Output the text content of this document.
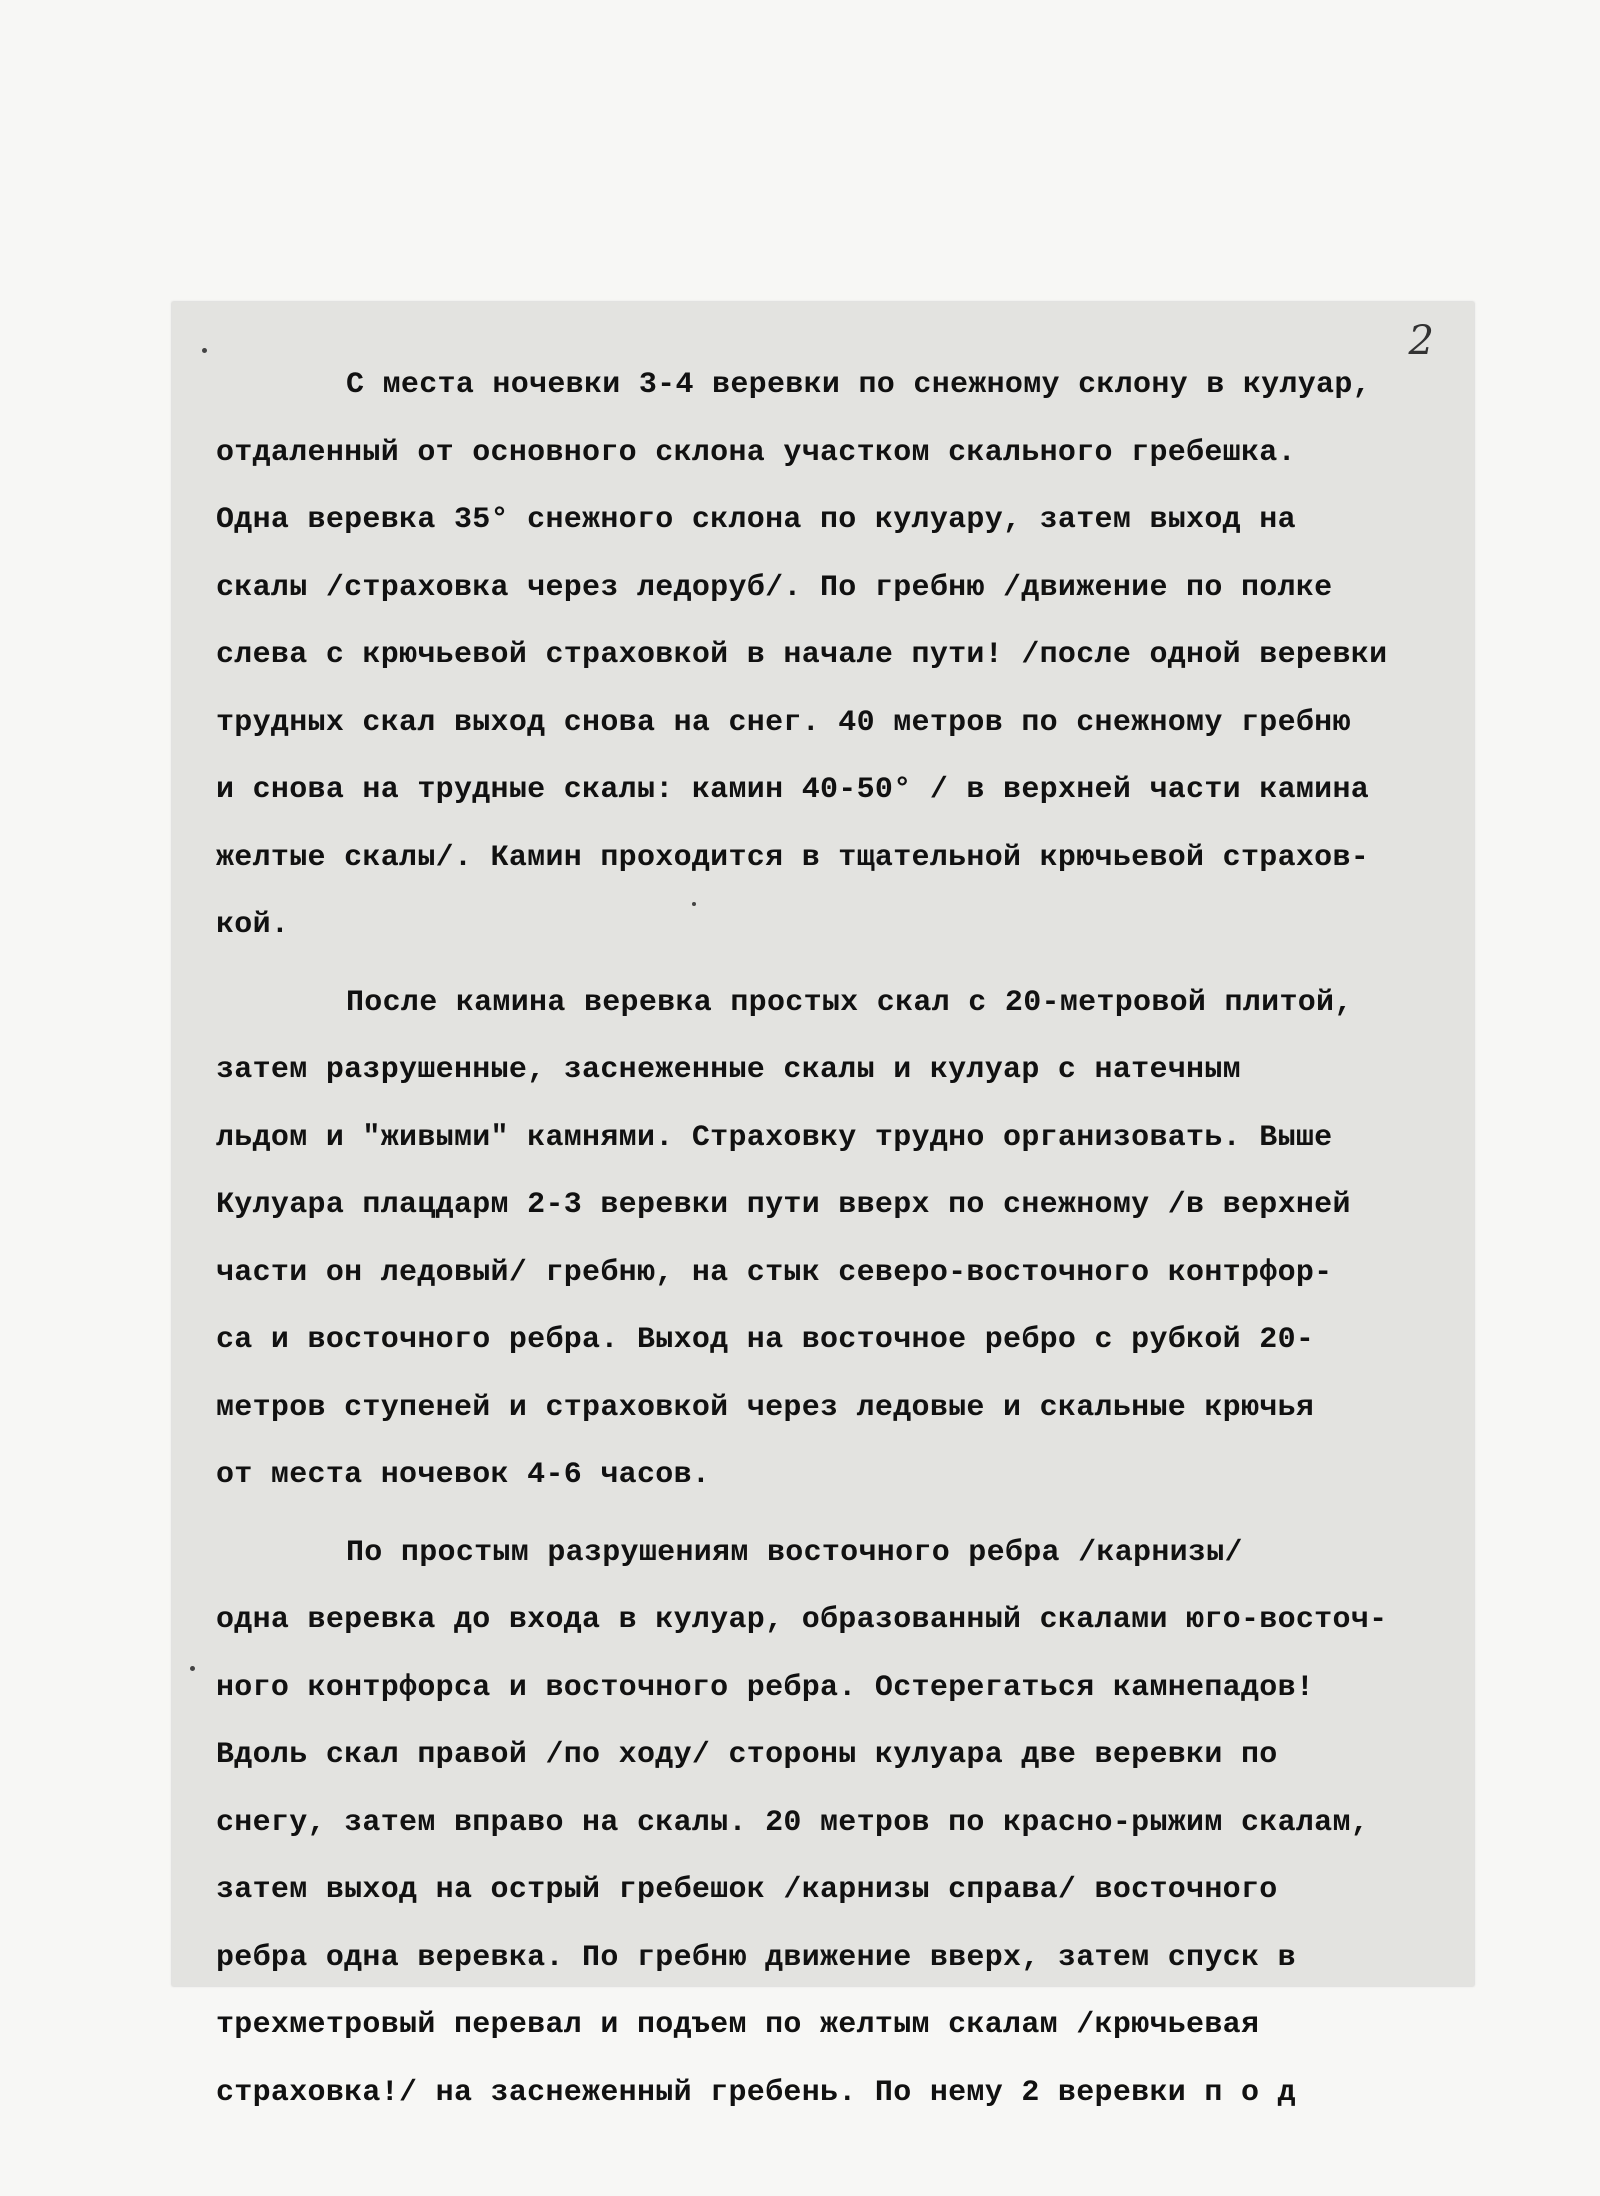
2
С места ночевки 3-4 веревки по снежному склону в кулуар,
отдаленный от основного склона участком скального гребешка.
Одна веревка 35° снежного склона по кулуару, затем выход на
скалы /страховка через ледоруб/. По гребню /движение по полке
слева с крючьевой страховкой в начале пути! /после одной веревки
трудных скал выход снова на снег. 40 метров по снежному гребню
и снова на трудные скалы: камин 40-50° / в верхней части камина
желтые скалы/. Камин проходится в тщательной крючьевой страхов-
кой.
После камина веревка простых скал с 20-метровой плитой,
затем разрушенные, заснеженные скалы и кулуар с натечным
льдом и "живыми" камнями. Страховку трудно организовать. Выше
Кулуара плацдарм 2-3 веревки пути вверх по снежному /в верхней
части он ледовый/ гребню, на стык северо-восточного контрфор-
са и восточного ребра. Выход на восточное ребро с рубкой 20-
метров ступеней и страховкой через ледовые и скальные крючья
от места ночевок 4-6 часов.
По простым разрушениям восточного ребра /карнизы/
одна веревка до входа в кулуар, образованный скалами юго-восточ-
ного контрфорса и восточного ребра. Остерегаться камнепадов!
Вдоль скал правой /по ходу/ стороны кулуара две веревки по
снегу, затем вправо на скалы. 20 метров по красно-рыжим скалам,
затем выход на острый гребешок /карнизы справа/ восточного
ребра одна веревка. По гребню движение вверх, затем спуск в
трехметровый перевал и подъем по желтым скалам /крючьевая
страховка!/ на заснеженный гребень. По нему 2 веревки п о д
